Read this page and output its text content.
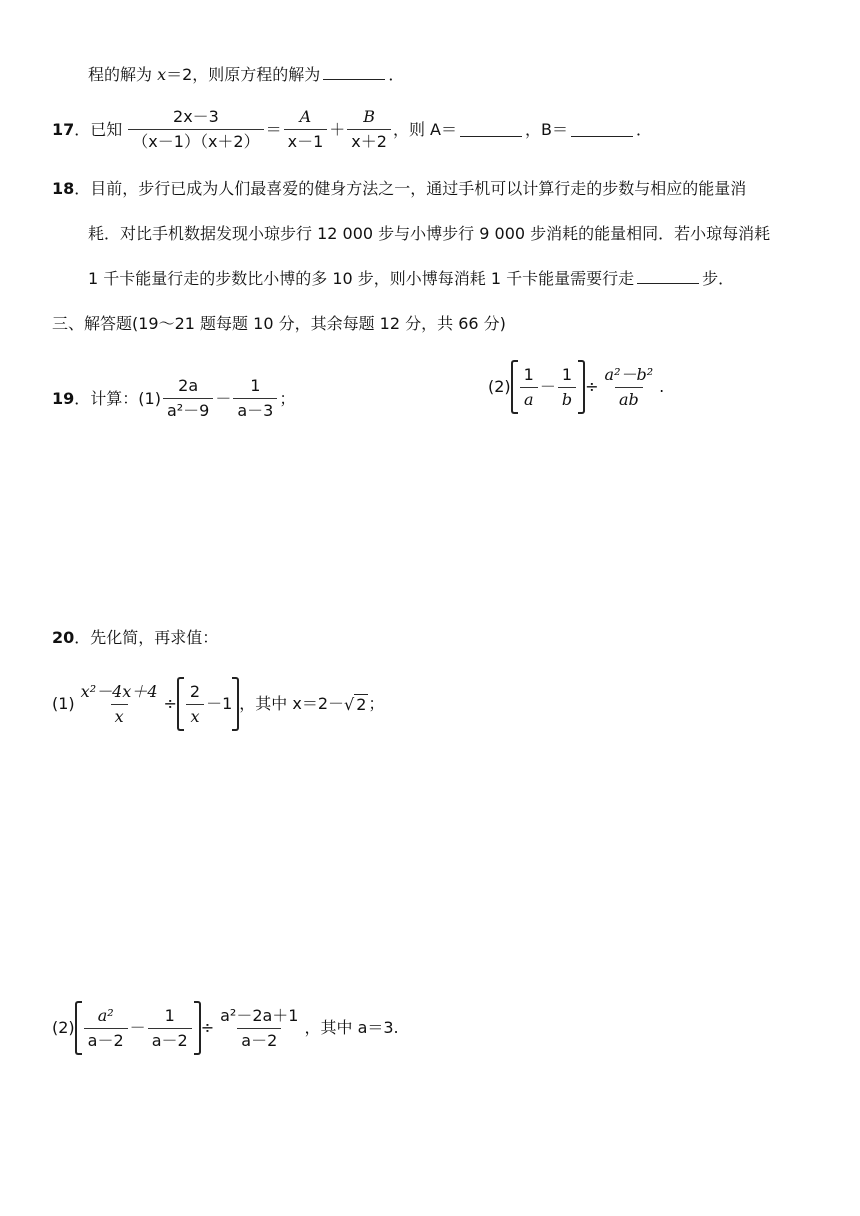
程的解为 x＝2，则原方程的解为	．
17 ． 已知 $\frac{2x-3}{(x-1)(x+2)} = \frac{A}{x-1} + \frac{B}{x+2}$ ，则 A＝	，B＝	．
18．目前，步行已成为人们最喜爱的健身方法之一，通过手机可以计算行走的步数与相应的能量消
耗．对比手机数据发现小琼步行 12 000 步与小博步行 9 000 步消耗的能量相同．若小琼每消耗
1 千卡能量行走的步数比小博的多 10 步，则小博每消耗 1 千卡能量需要行走	步．
三、解答题(19～21 题每题 10 分，其余每题 12 分，共 66 分)
19 ．计算：$(1) \frac{2a}{\text{a²－9}} - \frac{1}{a-3}$ ；
$(2) \frac{1}{a} - \frac{1}{b} \div \frac{\text{a²－b²}}{ab}$ .
20．先化简，再求值：
$(1) \frac{\text{x²－4x＋4}}{x} \div \frac{2}{x} -1$ ，其中 x＝2－ √ 2 ；
$(2) \frac{\text{a²}}{a-2} - \frac{1}{a-2} \div \frac{\text{a²－2a＋1}}{a-2}$ ，其中 a＝3.
